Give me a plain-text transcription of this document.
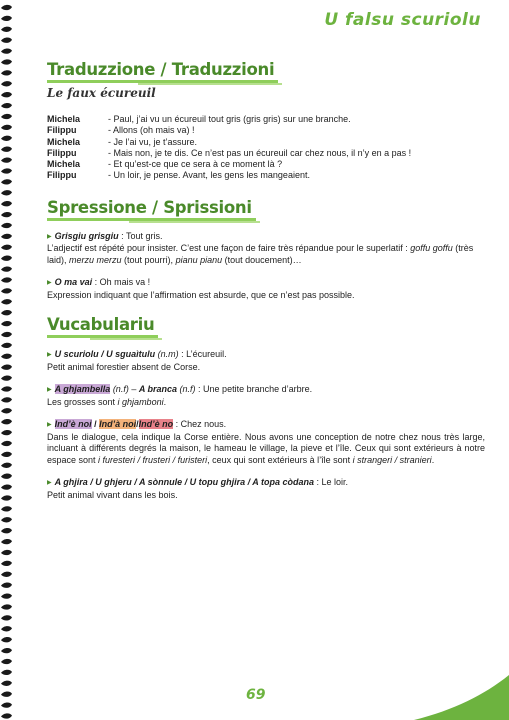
U falsu scuriolu
Traduzzione / Traduzzioni
Le faux écureuil
Michela	- Paul, j’ai vu un écureuil tout gris (gris gris) sur une branche.
Filippu	- Allons (oh mais va) !
Michela	- Je l’ai vu, je t’assure.
Filippu	- Mais non, je te dis. Ce n’est pas un écureuil car chez nous, il n’y en a pas !
Michela	- Et qu’est-ce que ce sera à ce moment là ?
Filippu	- Un loir, je pense. Avant, les gens les mangeaient.
Spressione / Sprissioni

▶ Grisgiu grisgiu : Tout gris.

L’adjectif est répété pour insister. C’est une façon de faire très répandue pour le superlatif : goffu goffu (très laid), merzu merzu (tout pourri), pianu pianu (tout doucement)…

▶ O ma vai : Oh mais va !

Expression indiquant que l’affirmation est absurde, que ce n’est pas possible.

Vucabulariu

▶ U scuriolu / U sguaìtulu (n.m) : L’écureuil.

Petit animal forestier absent de Corse.

▶ A ghjambella (n.f) – A branca (n.f) : Une petite branche d’arbre.

Les grosses sont i ghjamboni.

▶ Ind’è noi / Ind’à noi/Ind’è no : Chez nous.

Dans le dialogue, cela indique la Corse entière. Nous avons une conception de notre chez nous très large, incluant à différents degrés la maison, le hameau le village, la pieve et l’île. Ceux qui sont extérieurs à notre espace sont i furesteri / frusteri / furisteri, ceux qui sont extérieurs à l’île sont i strangeri / stranieri.

▶ A ghjira / U ghjeru / A sònnule / U topu ghjira / A topa còdana : Le loir.

Petit animal vivant dans les bois.

69
